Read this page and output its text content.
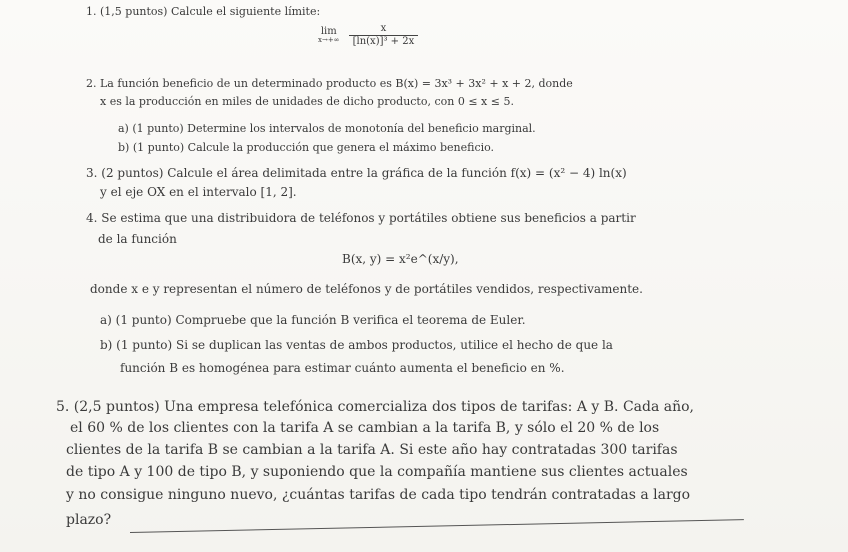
1. (1,5 puntos) Calcule el siguiente límite:
lim
x→+∞
$\frac{x}{\text{[ln(x)]³ + 2x}}$
2. La función beneficio de un determinado producto es B(x) = 3x³ + 3x² + x + 2, donde
x es la producción en miles de unidades de dicho producto, con 0 ≤ x ≤ 5.
a) (1 punto) Determine los intervalos de monotonía del beneficio marginal.
b) (1 punto) Calcule la producción que genera el máximo beneficio.
3. (2 puntos) Calcule el área delimitada entre la gráfica de la función f(x) = (x² − 4) ln(x)
y el eje OX en el intervalo [1, 2].
4. Se estima que una distribuidora de teléfonos y portátiles obtiene sus beneficios a partir
de la función
B(x, y) = x²e^(x/y),
donde x e y representan el número de teléfonos y de portátiles vendidos, respectivamente.
a) (1 punto) Compruebe que la función B verifica el teorema de Euler.
b) (1 punto) Si se duplican las ventas de ambos productos, utilice el hecho de que la
función B es homogénea para estimar cuánto aumenta el beneficio en %.
5. (2,5 puntos) Una empresa telefónica comercializa dos tipos de tarifas: A y B. Cada año,
el 60 % de los clientes con la tarifa A se cambian a la tarifa B, y sólo el 20 % de los
clientes de la tarifa B se cambian a la tarifa A. Si este año hay contratadas 300 tarifas
de tipo A y 100 de tipo B, y suponiendo que la compañía mantiene sus clientes actuales
y no consigue ninguno nuevo, ¿cuántas tarifas de cada tipo tendrán contratadas a largo
plazo?
